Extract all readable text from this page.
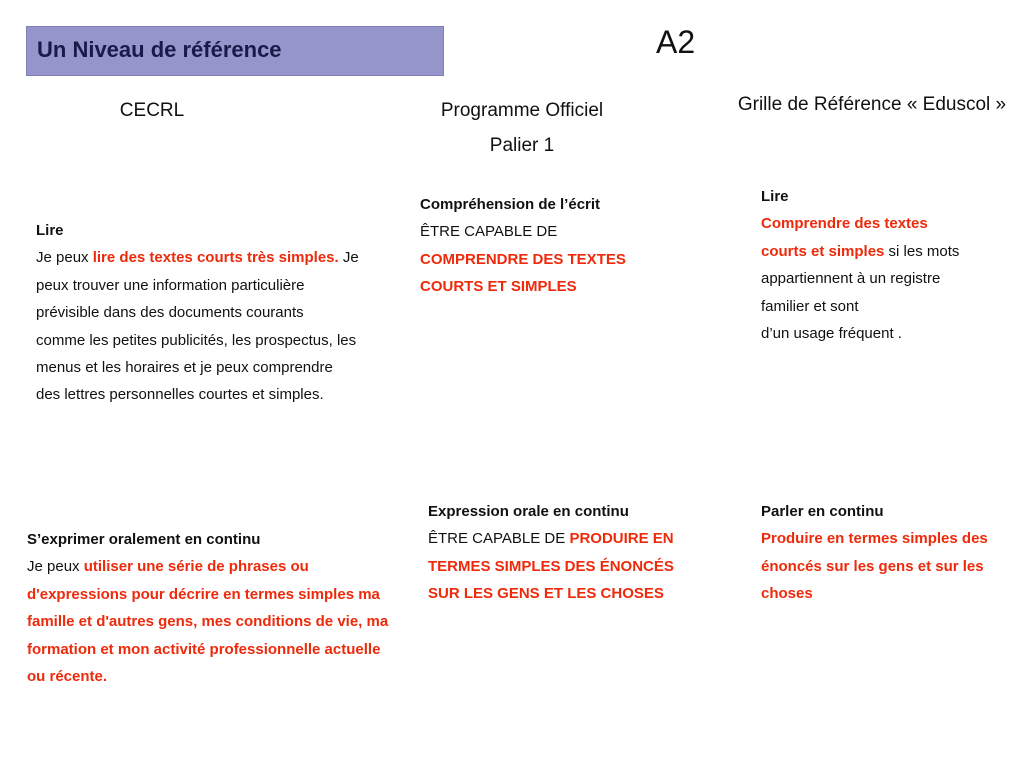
Un Niveau de référence	A2
CECRL	Programme Officiel
Palier 1
Grille de Référence « Eduscol »
Lire
Je peux lire des textes courts très simples. Je
peux trouver une information particulière
prévisible dans des documents courants
comme les petites publicités, les prospectus, les
menus et les horaires et je peux comprendre
des lettres personnelles courtes et simples.
Compréhension de l’écrit
ÊTRE CAPABLE DE
COMPRENDRE DES TEXTES
COURTS ET SIMPLES
Lire
Comprendre des textes
courts et simples si les mots
appartiennent à un registre
familier et sont
d’un usage fréquent .
S’exprimer oralement en continu
Je peux utiliser une série de phrases ou
d'expressions pour décrire en termes simples ma
famille et d'autres gens, mes conditions de vie, ma
formation et mon activité professionnelle actuelle
ou récente.
Expression orale en continu
ÊTRE CAPABLE DE PRODUIRE EN
TERMES SIMPLES DES ÉNONCÉS
SUR LES GENS ET LES CHOSES
Parler en continu
Produire en termes simples des
énoncés sur les gens et sur les
choses
